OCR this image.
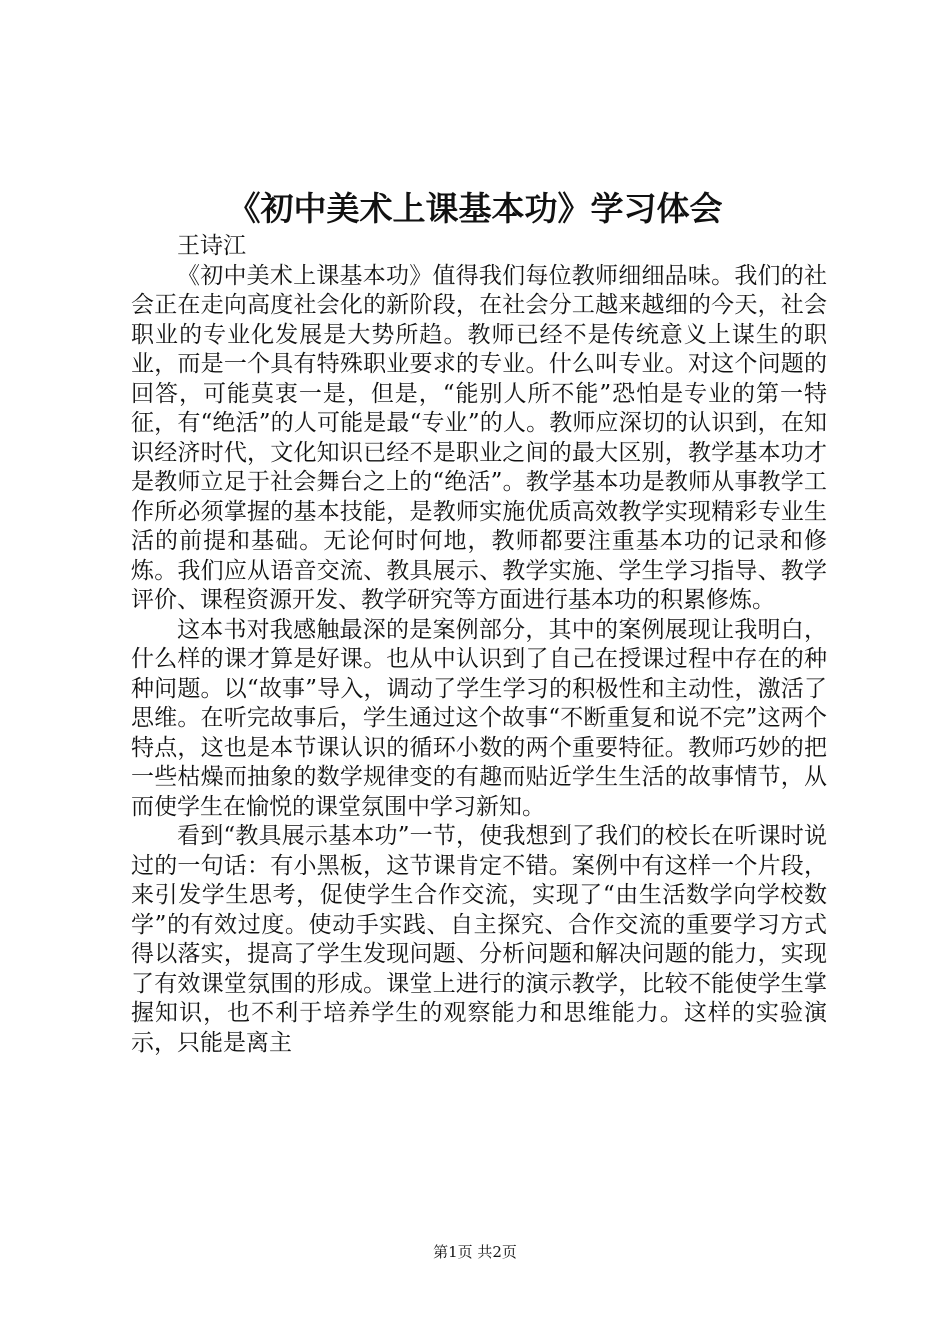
《初中美术上课基本功》学习体会

王诗江

《初中美术上课基本功》值得我们每位教师细细品味。我们的社会正在走向高度社会化的新阶段，在社会分工越来越细的今天，社会职业的专业化发展是大势所趋。教师已经不是传统意义上谋生的职业，而是一个具有特殊职业要求的专业。什么叫专业。对这个问题的回答，可能莫衷一是，但是，“能别人所不能”恐怕是专业的第一特征，有“绝活”的人可能是最“专业”的人。教师应深切的认识到，在知识经济时代，文化知识已经不是职业之间的最大区别，教学基本功才是教师立足于社会舞台之上的“绝活”。教学基本功是教师从事教学工作所必须掌握的基本技能，是教师实施优质高效教学实现精彩专业生活的前提和基础。无论何时何地，教师都要注重基本功的记录和修炼。我们应从语音交流、教具展示、教学实施、学生学习指导、教学评价、课程资源开发、教学研究等方面进行基本功的积累修炼。

这本书对我感触最深的是案例部分，其中的案例展现让我明白，什么样的课才算是好课。也从中认识到了自己在授课过程中存在的种种问题。以“故事”导入，调动了学生学习的积极性和主动性，激活了思维。在听完故事后，学生通过这个故事“不断重复和说不完”这两个特点，这也是本节课认识的循环小数的两个重要特征。教师巧妙的把一些枯燥而抽象的数学规律变的有趣而贴近学生生活的故事情节，从而使学生在愉悦的课堂氛围中学习新知。

看到“教具展示基本功”一节，使我想到了我们的校长在听课时说过的一句话：有小黑板，这节课肯定不错。案例中有这样一个片段，来引发学生思考，促使学生合作交流，实现了“由生活数学向学校数学”的有效过度。使动手实践、自主探究、合作交流的重要学习方式得以落实，提高了学生发现问题、分析问题和解决问题的能力，实现了有效课堂氛围的形成。课堂上进行的演示教学，比较不能使学生掌握知识，也不利于培养学生的观察能力和思维能力。这样的实验演示，只能是离主

第1页 共2页
